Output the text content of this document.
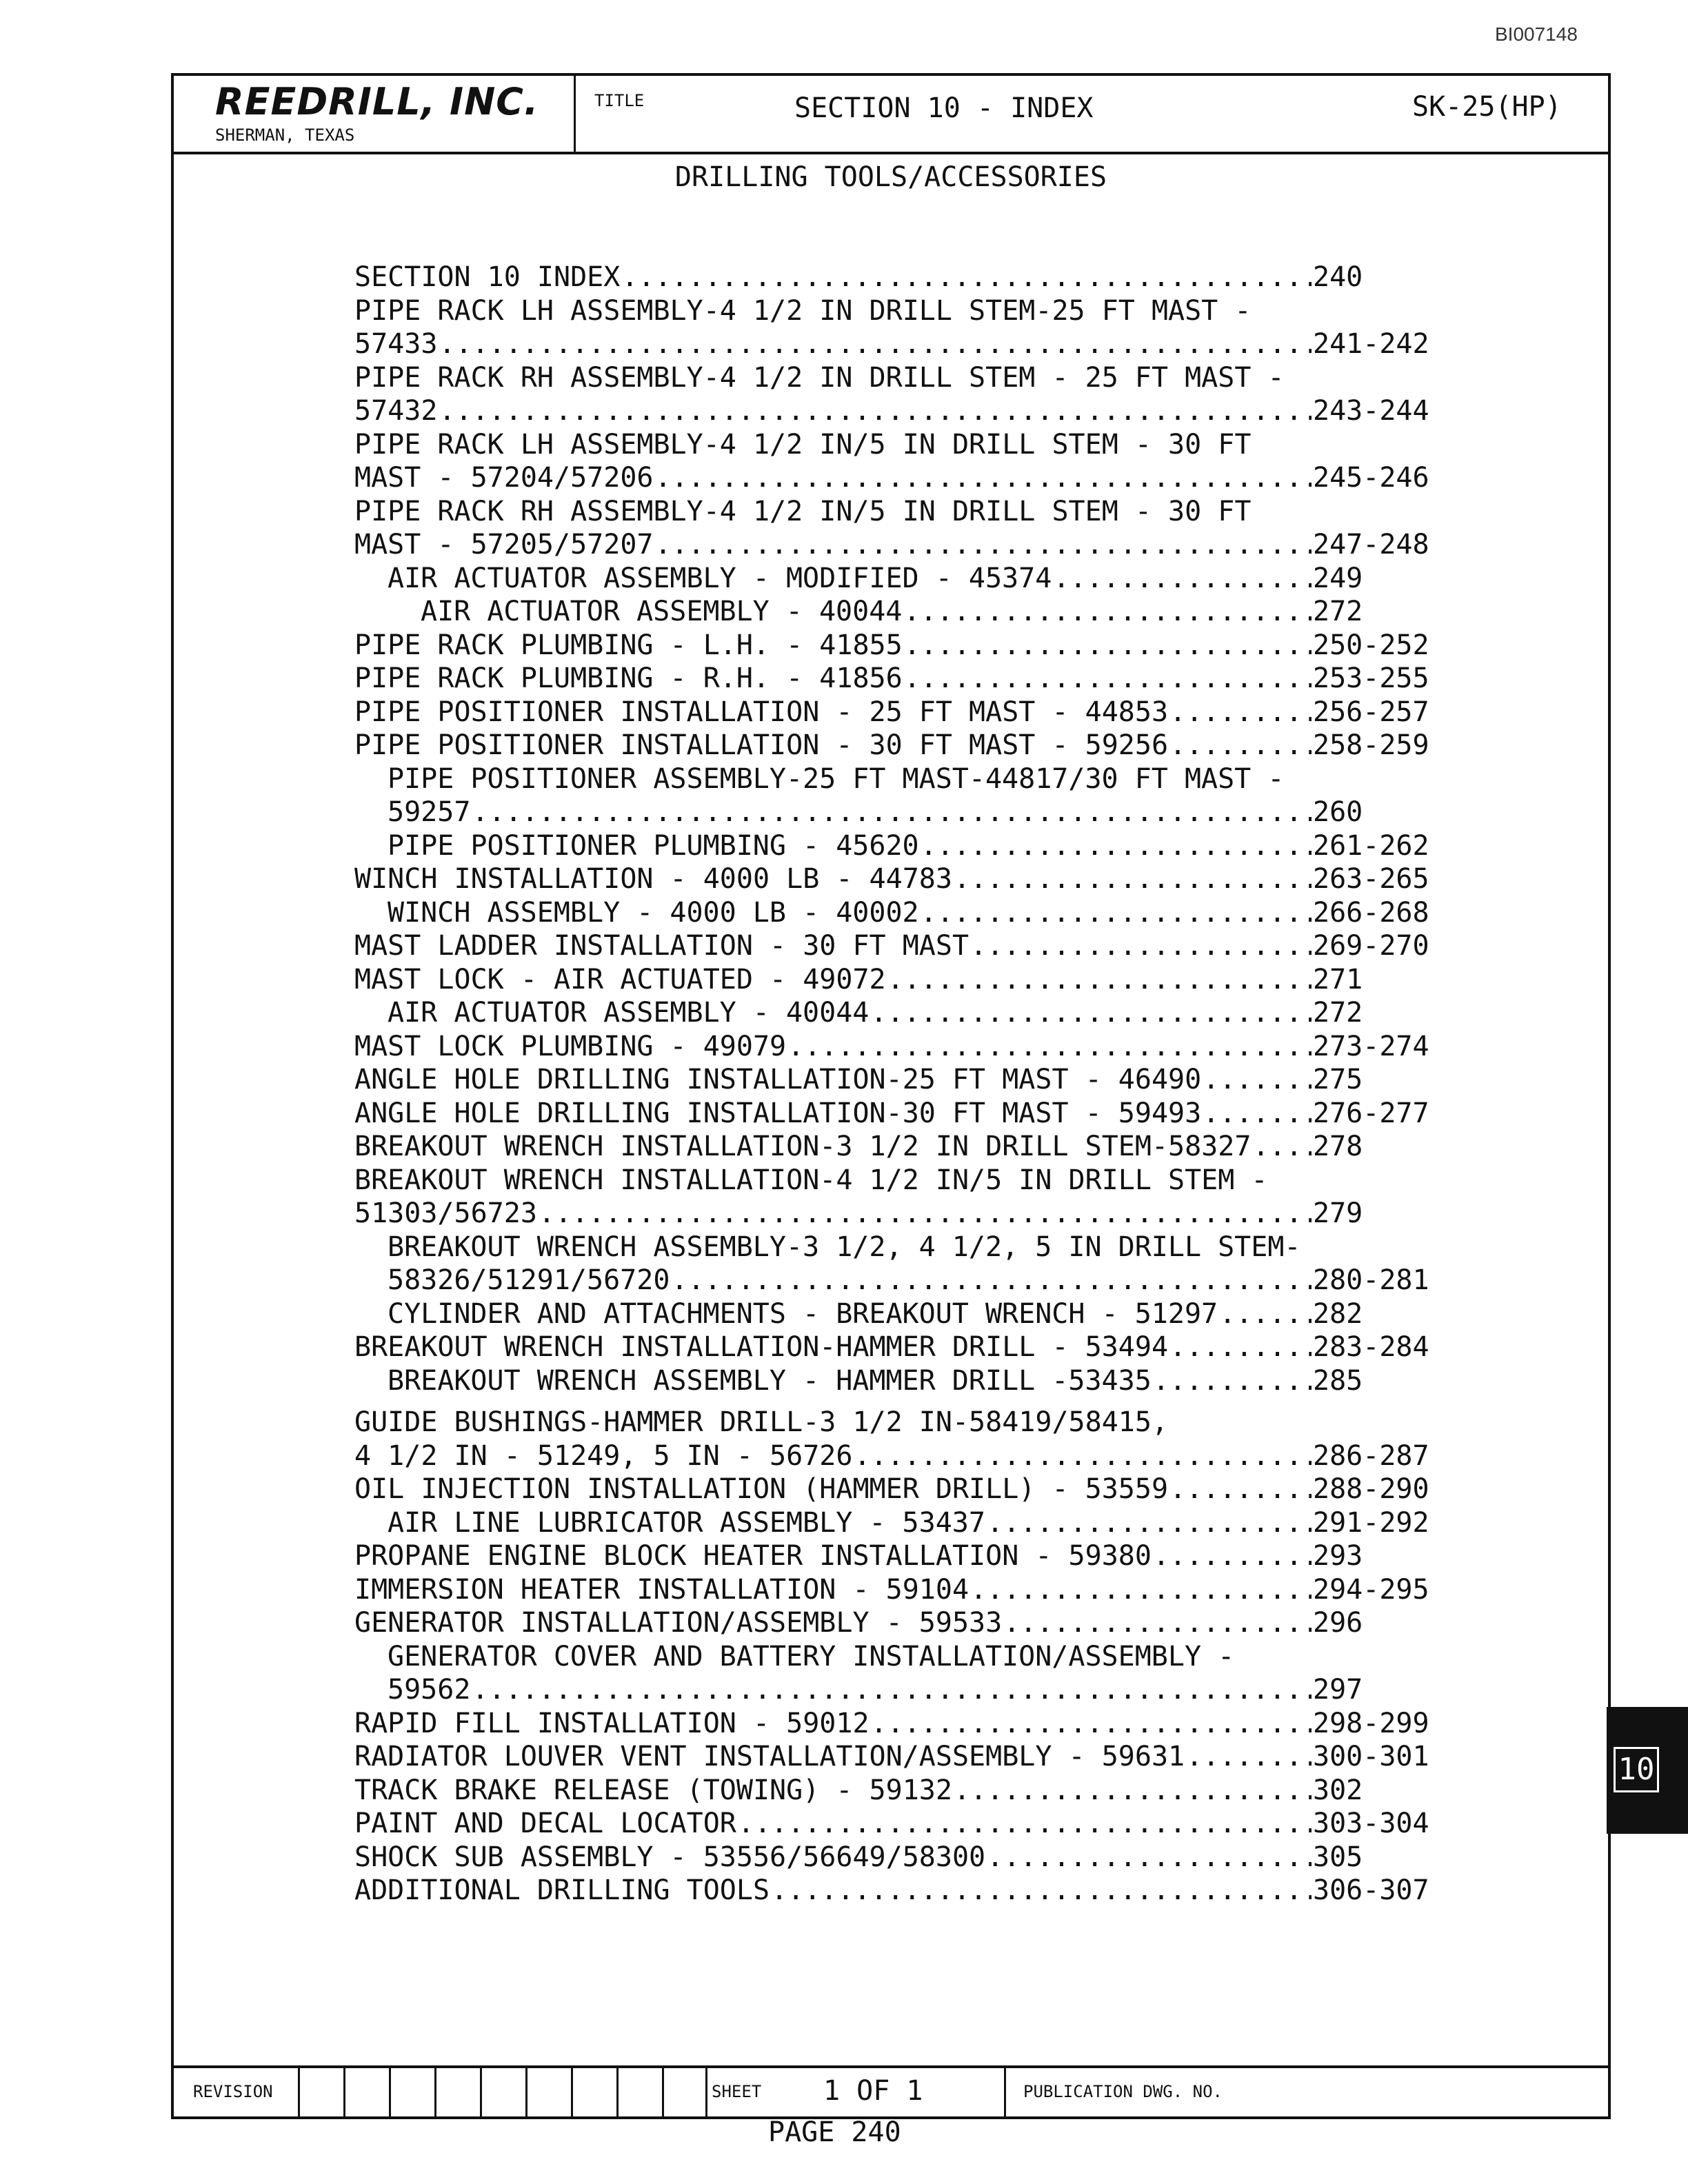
BI007148
REEDRILL, INC.
SHERMAN, TEXAS
TITLE	SECTION 10 - INDEX	SK-25(HP)
DRILLING TOOLS/ACCESSORIES
SECTION 10 INDEX .....	240
PIPE RACK LH ASSEMBLY-4 1/2 IN DRILL STEM-25 FT MAST -
57433 .....	241-242
PIPE RACK RH ASSEMBLY-4 1/2 IN DRILL STEM - 25 FT MAST -
57432 .....	243-244
PIPE RACK LH ASSEMBLY-4 1/2 IN/5 IN DRILL STEM - 30 FT
MAST - 57204/57206 .....	245-246
PIPE RACK RH ASSEMBLY-4 1/2 IN/5 IN DRILL STEM - 30 FT
MAST - 57205/57207 .....	247-248
AIR ACTUATOR ASSEMBLY - MODIFIED - 45374 .....	249
AIR ACTUATOR ASSEMBLY - 40044 .....	272
PIPE RACK PLUMBING - L.H. - 41855 .....	250-252
PIPE RACK PLUMBING - R.H. - 41856 .....	253-255
PIPE POSITIONER INSTALLATION - 25 FT MAST - 44853 .....	256-257
PIPE POSITIONER INSTALLATION - 30 FT MAST - 59256 .....	258-259
PIPE POSITIONER ASSEMBLY-25 FT MAST-44817/30 FT MAST -
59257 .....	260
PIPE POSITIONER PLUMBING - 45620 .....	261-262
WINCH INSTALLATION - 4000 LB - 44783 .....	263-265
WINCH ASSEMBLY - 4000 LB - 40002 .....	266-268
MAST LADDER INSTALLATION - 30 FT MAST .....	269-270
MAST LOCK - AIR ACTUATED - 49072 .....	271
AIR ACTUATOR ASSEMBLY - 40044 .....	272
MAST LOCK PLUMBING - 49079 .....	273-274
ANGLE HOLE DRILLING INSTALLATION-25 FT MAST - 46490 .....	275
ANGLE HOLE DRILLING INSTALLATION-30 FT MAST - 59493 .....	276-277
BREAKOUT WRENCH INSTALLATION-3 1/2 IN DRILL STEM-58327 ..... 278
BREAKOUT WRENCH INSTALLATION-4 1/2 IN/5 IN DRILL STEM -
51303/56723 .....	279
BREAKOUT WRENCH ASSEMBLY-3 1/2, 4 1/2, 5 IN DRILL STEM-
58326/51291/56720 .....	280-281
CYLINDER AND ATTACHMENTS - BREAKOUT WRENCH - 51297 .....	282
BREAKOUT WRENCH INSTALLATION-HAMMER DRILL - 53494 .....	283-284
BREAKOUT WRENCH ASSEMBLY - HAMMER DRILL -53435 .....	285
GUIDE BUSHINGS-HAMMER DRILL-3 1/2 IN-58419/58415,
4 1/2 IN - 51249, 5 IN - 56726 .....	286-287
OIL INJECTION INSTALLATION (HAMMER DRILL) - 53559 .....	288-290
AIR LINE LUBRICATOR ASSEMBLY - 53437 .....	291-292
PROPANE ENGINE BLOCK HEATER INSTALLATION - 59380 .....	293
IMMERSION HEATER INSTALLATION - 59104 .....	294-295
GENERATOR INSTALLATION/ASSEMBLY - 59533 .....	296
GENERATOR COVER AND BATTERY INSTALLATION/ASSEMBLY -
59562 .....	297
RAPID FILL INSTALLATION - 59012 .....	298-299
RADIATOR LOUVER VENT INSTALLATION/ASSEMBLY - 59631 .....	300-301
TRACK BRAKE RELEASE (TOWING) - 59132 .....	302
PAINT AND DECAL LOCATOR .....	303-304
SHOCK SUB ASSEMBLY - 53556/56649/58300 .....	305
ADDITIONAL DRILLING TOOLS .....	306-307
REVISION	SHEET 1 OF 1	PUBLICATION DWG. NO.
PAGE 240
10
